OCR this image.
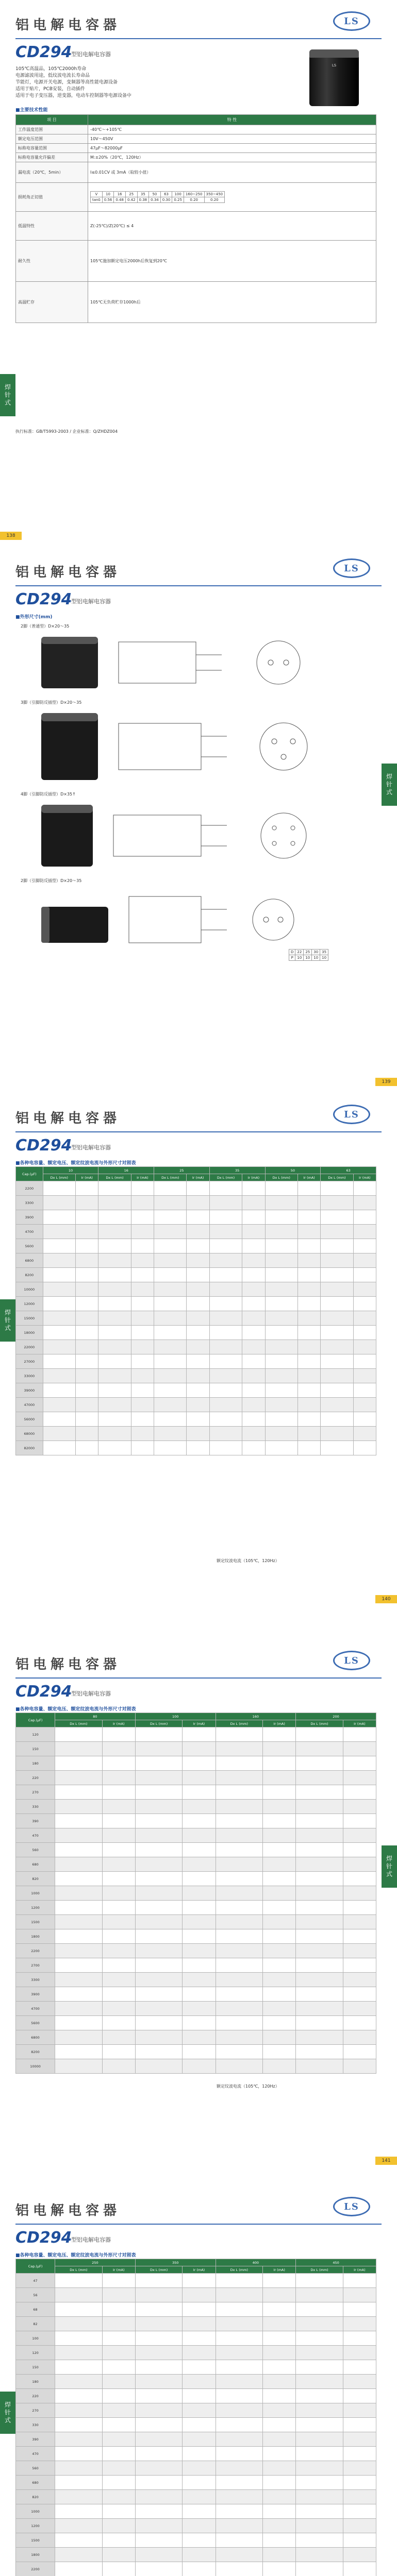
铝电解电容器	LS
CD294
型铝电解电容器
LS
105℃高温品，105℃2000h寿命
电源滤波用途，低纹波电流长寿命品
节能灯，电源开关电源，变频器等高性能电源设备
适用于贴片，PCB安装，自动插件
适用于电子变压器，逆变器，电动车控制器等电源设备中
■ 主要技术性能
项 目	特 性
工作温度范围	-40℃～+105℃
额定电压范围	10V～450V
标称电容量范围	47μF～82000μF
标称电容量允许偏差	M:±20%（20℃，120Hz）
漏电流（20℃，5min）	I≤0.01CV 或 3mA（取较小值）
损耗角正切值	
V	10	16	25	35	50	63	100	160~250	350~450
tanδ	0.56	0.48	0.42	0.38	0.34	0.30	0.25	0.20	0.20

低温特性	Z(-25℃)/Z(20℃) ≤ 4
耐久性	105℃施加额定电压2000h后恢复到20℃
高温贮存	105℃无负荷贮存1000h后
执行标准：GB/T5993-2003 / 企业标准：Q/ZHDZ004
焊针式
138
铝电解电容器	LS
CD294
型铝电解电容器
■ 外形尺寸(mm)
2脚（普通型）D×20～35
3脚（引脚防反插型）D×20～35
4脚（引脚防反插型）D×35↑
2脚（引脚防反插型）D×20～35
D	22	25	30	35
P	10	10	10	10
焊针式
139
铝电解电容器	LS
CD294
型铝电解电容器
■ 各种电容量、额定电压、额定纹波电流与外形尺寸对照表
Cap.(μF)	10		16		25		35		50		63	
	Dx L (mm)	Ir (mA)	Dx L (mm)	Ir (mA)	Dx L (mm)	Ir (mA)	Dx L (mm)	Ir (mA)	Dx L (mm)	Ir (mA)	Dx L (mm)	Ir (mA)
2200												
3300												
3900												
4700												
5600												
6800												
8200												
10000												
12000												
15000												
18000												
22000												
27000												
33000												
39000												
47000												
56000												
68000												
82000												
额定纹波电流（105℃，120Hz）
焊针式
140
铝电解电容器	LS
CD294
型铝电解电容器
■ 各种电容量、额定电压、额定纹波电流与外形尺寸对照表
Cap.(μF)	80		100		160		200	
	Dx L (mm)	Ir (mA)	Dx L (mm)	Ir (mA)	Dx L (mm)	Ir (mA)	Dx L (mm)	Ir (mA)
120								
150								
180								
220								
270								
330								
390								
470								
560								
680								
820								
1000								
1200								
1500								
1800								
2200								
2700								
3300								
3900								
4700								
5600								
6800								
8200								
10000								
额定纹波电流（105℃，120Hz）
焊针式
141
铝电解电容器	LS
CD294
型铝电解电容器
■ 各种电容量、额定电压、额定纹波电流与外形尺寸对照表
Cap.(μF)	250		350		400		450	
	Dx L (mm)	Ir (mA)	Dx L (mm)	Ir (mA)	Dx L (mm)	Ir (mA)	Dx L (mm)	Ir (mA)
47								
56								
68								
82								
100								
120								
150								
180								
220								
270								
330								
390								
470								
560								
680								
820								
1000								
1200								
1500								
1800								
2200								
焊针式
